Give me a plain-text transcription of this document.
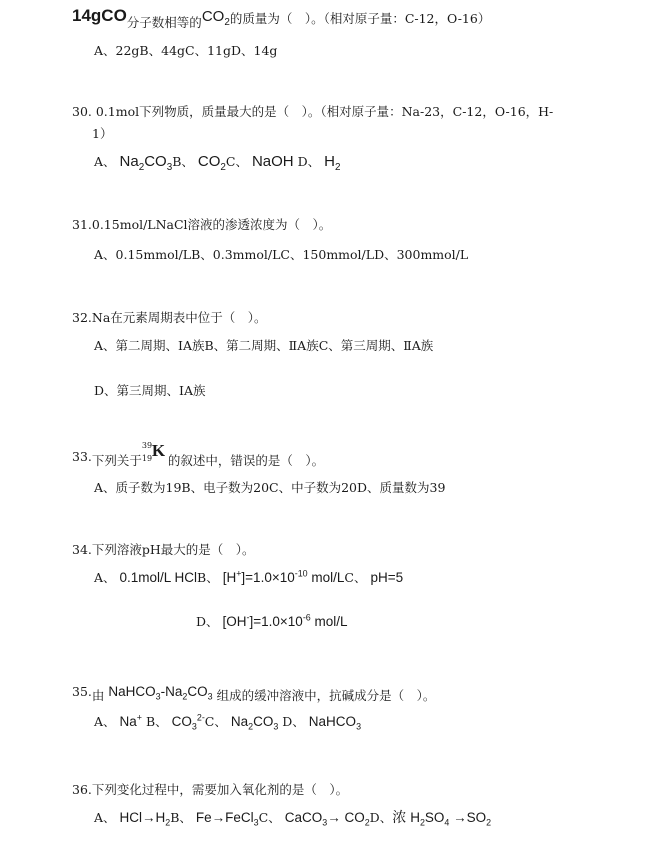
14gCO分子数相等的$CO_2$的质量为（　）。（相对原子量：C-12，O-16）
A、22gB、44gC、11gD、14g
30. 0.1mol下列物质，质量最大的是（　）。（相对原子量：Na-23，C-12，O-16，H-
1）
A、 $Na_2CO_3B$、 $CO_2C$、 NaOH D、 $H_2$
31.0.15mol/LNaCl溶液的渗透浓度为（　）。
A、0.15mmol/LB、0.3mmol/LC、150mmol/LD、300mmol/L
32.Na在元素周期表中位于（　）。
A、第二周期、ⅠA族B、第二周期、ⅡA族C、第三周期、ⅡA族
D、第三周期、ⅠA族
33.下列关于
39
19 K
的叙述中，错误的是（　）。
A、质子数为19B、电子数为20C、中子数为20D、质量数为39
34.下列溶液pH最大的是（　）。
A、 0.1mol/L HClB、 $[H^+]=1.0\times 10^{-10}$ mol/LC、 pH=5
D、 $[OH^-]=1.0\times 10^{-6}$ mol/L
35.由 $NaHCO_3-Na_2CO_3$ 组成的缓冲溶液中，抗碱成分是（　）。
A、 Na+ B、 $CO_3^{2-}C$、 $Na_2CO_3$ D、 NaHCO$_3$
36.下列变化过程中，需要加入氧化剂的是（　）。
A、 $HCl\to H_2B$、 Fe→FeCl$_3$C、 CaCO$_3$→ $CO_2D$、浓 $H_2SO_4 \to SO_2$
